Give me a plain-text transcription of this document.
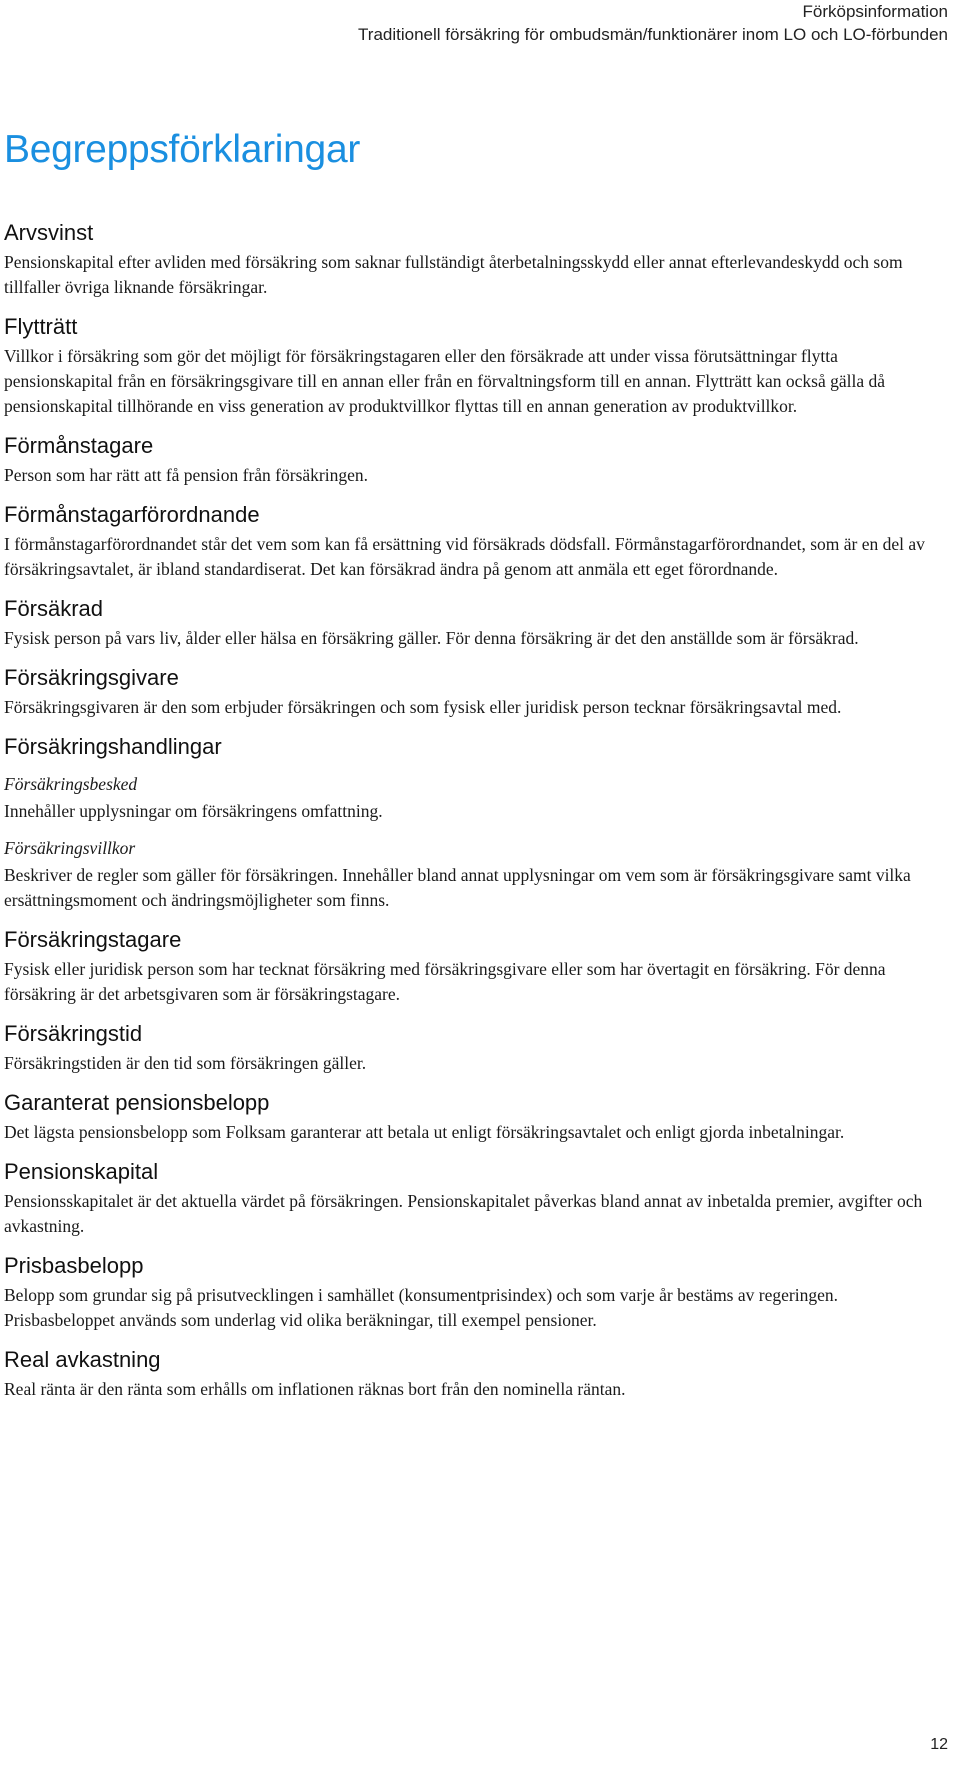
Förköpsinformation
Traditionell försäkring för ombudsmän/funktionärer inom LO och LO-förbunden
Begreppsförklaringar
Arvsvinst

Pensionskapital efter avliden med försäkring som saknar fullständigt återbetalningsskydd eller annat efterlevandeskydd och som tillfaller övriga liknande försäkringar.

Flytträtt

Villkor i försäkring som gör det möjligt för försäkringstagaren eller den försäkrade att under vissa förutsättningar flytta pensionskapital från en försäkringsgivare till en annan eller från en förvaltningsform till en annan. Flytträtt kan också gälla då pensionskapital tillhörande en viss generation av produktvillkor flyttas till en annan generation av produktvillkor.

Förmånstagare

Person som har rätt att få pension från försäkringen.

Förmånstagarförordnande

I förmånstagarförordnandet står det vem som kan få ersättning vid försäkrads dödsfall. Förmånstagarförordnandet, som är en del av försäkringsavtalet, är ibland standardiserat. Det kan försäkrad ändra på genom att anmäla ett eget förordnande.

Försäkrad

Fysisk person på vars liv, ålder eller hälsa en försäkring gäller. För denna försäkring är det den anställde som är försäkrad.

Försäkringsgivare

Försäkringsgivaren är den som erbjuder försäkringen och som fysisk eller juridisk person tecknar försäkringsavtal med.

Försäkringshandlingar

Försäkringsbesked

Innehåller upplysningar om försäkringens omfattning.

Försäkringsvillkor

Beskriver de regler som gäller för försäkringen. Innehåller bland annat upplysningar om vem som är försäkringsgivare samt vilka ersättningsmoment och ändringsmöjligheter som finns.

Försäkringstagare

Fysisk eller juridisk person som har tecknat försäkring med försäkringsgivare eller som har övertagit en försäkring. För denna försäkring är det arbetsgivaren som är försäkringstagare.

Försäkringstid

Försäkringstiden är den tid som försäkringen gäller.

Garanterat pensionsbelopp

Det lägsta pensionsbelopp som Folksam garanterar att betala ut enligt försäkringsavtalet och enligt gjorda inbetalningar.

Pensionskapital

Pensionsskapitalet är det aktuella värdet på försäkringen. Pensionskapitalet påverkas bland annat av inbetalda premier, avgifter och avkastning.

Prisbasbelopp

Belopp som grundar sig på prisutvecklingen i samhället (konsumentprisindex) och som varje år bestäms av regeringen. Prisbasbeloppet används som underlag vid olika beräkningar, till exempel pensioner.

Real avkastning

Real ränta är den ränta som erhålls om inflationen räknas bort från den nominella räntan.

12
